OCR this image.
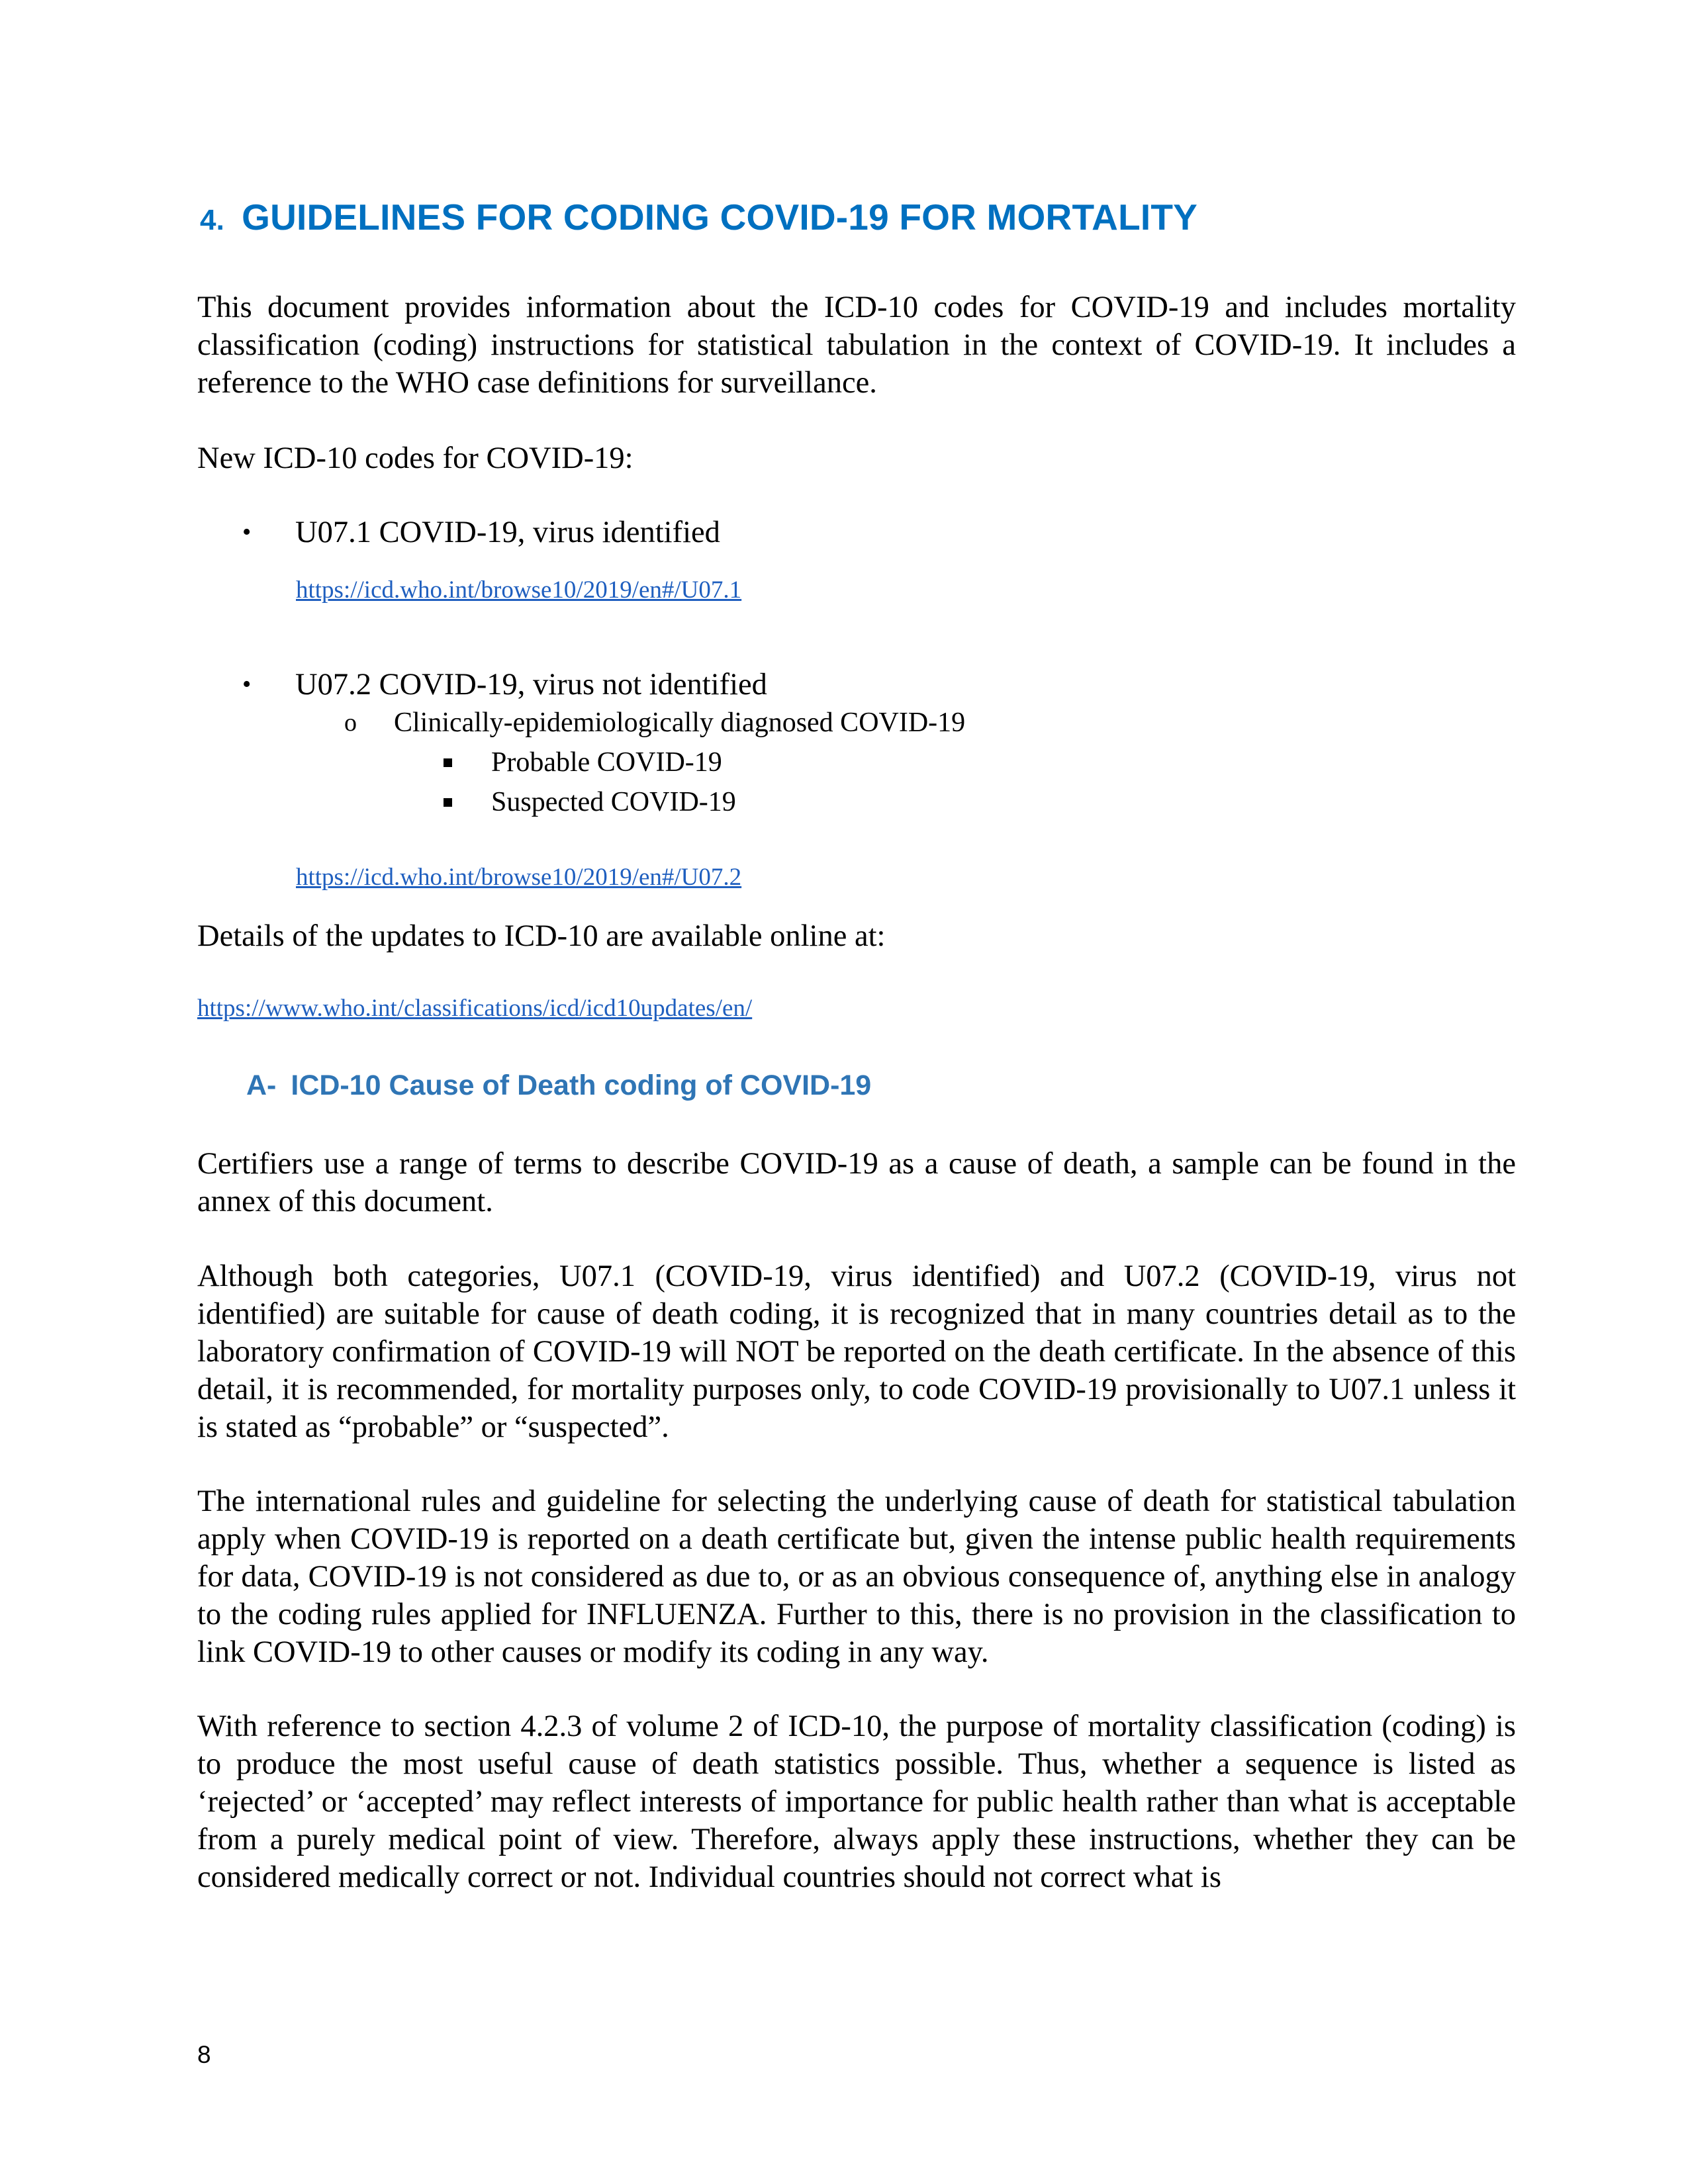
4. GUIDELINES FOR CODING COVID-19 FOR MORTALITY

This document provides information about the ICD-10 codes for COVID-19 and includes mortality classification (coding) instructions for statistical tabulation in the context of COVID-19. It includes a reference to the WHO case definitions for surveillance.

New ICD-10 codes for COVID-19:
• U07.1 COVID-19, virus identified
https://icd.who.int/browse10/2019/en#/U07.1
• U07.2 COVID-19, virus not identified
o Clinically-epidemiologically diagnosed COVID-19
Probable COVID-19
Suspected COVID-19
https://icd.who.int/browse10/2019/en#/U07.2
Details of the updates to ICD-10 are available online at:
https://www.who.int/classifications/icd/icd10updates/en/
A- ICD-10 Cause of Death coding of COVID-19

Certifiers use a range of terms to describe COVID-19 as a cause of death, a sample can be found in the annex of this document.

Although both categories, U07.1 (COVID-19, virus identified) and U07.2 (COVID-19, virus not identified) are suitable for cause of death coding, it is recognized that in many countries detail as to the laboratory confirmation of COVID-19 will NOT be reported on the death certificate. In the absence of this detail, it is recommended, for mortality purposes only, to code COVID-19 provisionally to U07.1 unless it is stated as “probable” or “suspected”.

The international rules and guideline for selecting the underlying cause of death for statistical tabulation apply when COVID-19 is reported on a death certificate but, given the intense public health requirements for data, COVID-19 is not considered as due to, or as an obvious consequence of, anything else in analogy to the coding rules applied for INFLUENZA. Further to this, there is no provision in the classification to link COVID-19 to other causes or modify its coding in any way.

With reference to section 4.2.3 of volume 2 of ICD-10, the purpose of mortality classification (coding) is to produce the most useful cause of death statistics possible. Thus, whether a sequence is listed as ‘rejected’ or ‘accepted’ may reflect interests of importance for public health rather than what is acceptable from a purely medical point of view. Therefore, always apply these instructions, whether they can be considered medically correct or not. Individual countries should not correct what is

8
